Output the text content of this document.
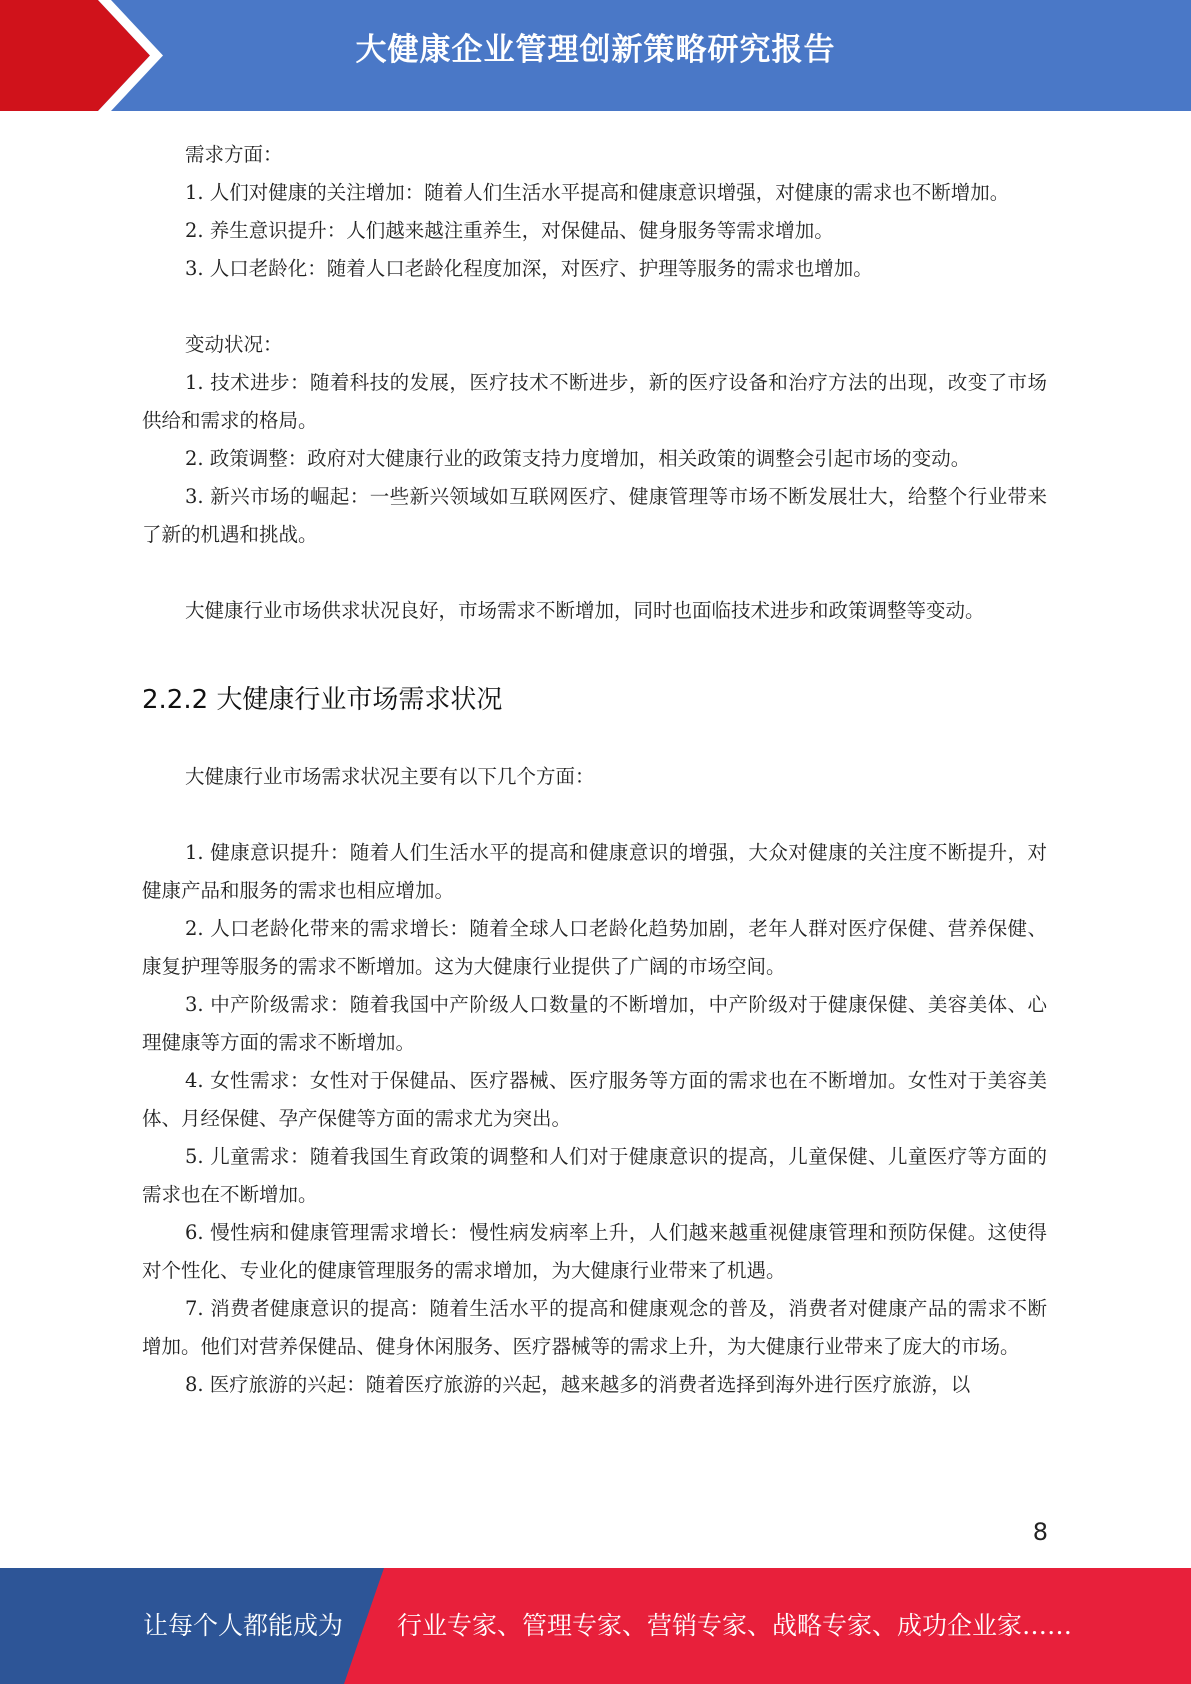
大健康企业管理创新策略研究报告

需求方面：

1. 人们对健康的关注增加：随着人们生活水平提高和健康意识增强，对健康的需求也不断增加。

2. 养生意识提升：人们越来越注重养生，对保健品、健身服务等需求增加。

3. 人口老龄化：随着人口老龄化程度加深，对医疗、护理等服务的需求也增加。

变动状况：

1. 技术进步：随着科技的发展，医疗技术不断进步，新的医疗设备和治疗方法的出现，改变了市场供给和需求的格局。

2. 政策调整：政府对大健康行业的政策支持力度增加，相关政策的调整会引起市场的变动。

3. 新兴市场的崛起：一些新兴领域如互联网医疗、健康管理等市场不断发展壮大，给整个行业带来了新的机遇和挑战。

大健康行业市场供求状况良好，市场需求不断增加，同时也面临技术进步和政策调整等变动。

2.2.2 大健康行业市场需求状况

大健康行业市场需求状况主要有以下几个方面：

1. 健康意识提升：随着人们生活水平的提高和健康意识的增强，大众对健康的关注度不断提升，对健康产品和服务的需求也相应增加。

2. 人口老龄化带来的需求增长：随着全球人口老龄化趋势加剧，老年人群对医疗保健、营养保健、康复护理等服务的需求不断增加。这为大健康行业提供了广阔的市场空间。

3. 中产阶级需求：随着我国中产阶级人口数量的不断增加，中产阶级对于健康保健、美容美体、心理健康等方面的需求不断增加。

4. 女性需求：女性对于保健品、医疗器械、医疗服务等方面的需求也在不断增加。女性对于美容美体、月经保健、孕产保健等方面的需求尤为突出。

5. 儿童需求：随着我国生育政策的调整和人们对于健康意识的提高，儿童保健、儿童医疗等方面的需求也在不断增加。

6. 慢性病和健康管理需求增长：慢性病发病率上升，人们越来越重视健康管理和预防保健。这使得对个性化、专业化的健康管理服务的需求增加，为大健康行业带来了机遇。

7. 消费者健康意识的提高：随着生活水平的提高和健康观念的普及，消费者对健康产品的需求不断增加。他们对营养保健品、健身休闲服务、医疗器械等的需求上升，为大健康行业带来了庞大的市场。

8. 医疗旅游的兴起：随着医疗旅游的兴起，越来越多的消费者选择到海外进行医疗旅游，以

8
让每个人都能成为 行业专家、管理专家、营销专家、战略专家、成功企业家……
